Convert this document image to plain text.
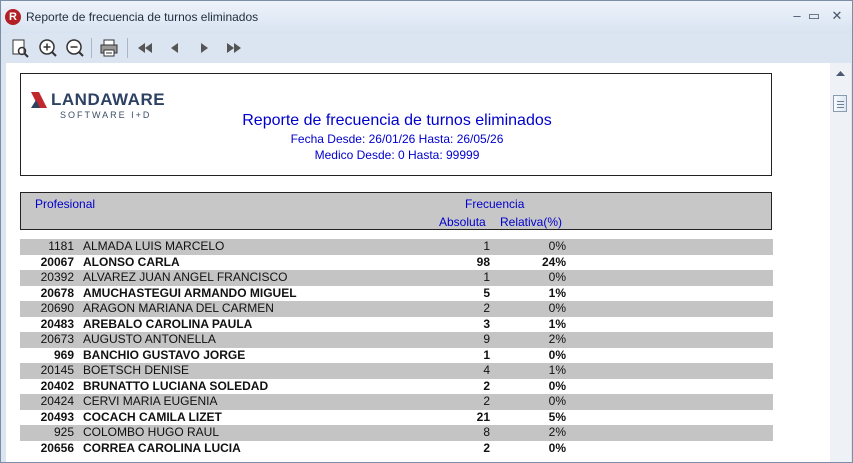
R Reporte de frecuencia de turnos eliminados	– ▭ ✕
LANDAWARE
SOFTWARE I+D	Reporte de frecuencia de turnos eliminados
Fecha Desde: 26/01/26 Hasta: 26/05/26
Medico Desde: 0 Hasta: 99999
Profesional	Frecuencia
Absoluta Relativa(%)
1181 ALMADA LUIS MARCELO	1	0%
20067 ALONSO CARLA	98	24%
20392 ALVAREZ JUAN ANGEL FRANCISCO	1	0%
20678 AMUCHASTEGUI ARMANDO MIGUEL	5	1%
20690 ARAGON MARIANA DEL CARMEN	2	0%
20483 AREBALO CAROLINA PAULA	3	1%
20673 AUGUSTO ANTONELLA	9	2%
969 BANCHIO GUSTAVO JORGE	1	0%
20145 BOETSCH DENISE	4	1%
20402 BRUNATTO LUCIANA SOLEDAD	2	0%
20424 CERVI MARIA EUGENIA	2	0%
20493 COCACH CAMILA LIZET	21	5%
925 COLOMBO HUGO RAUL	8	2%
20656 CORREA CAROLINA LUCIA	2	0%
